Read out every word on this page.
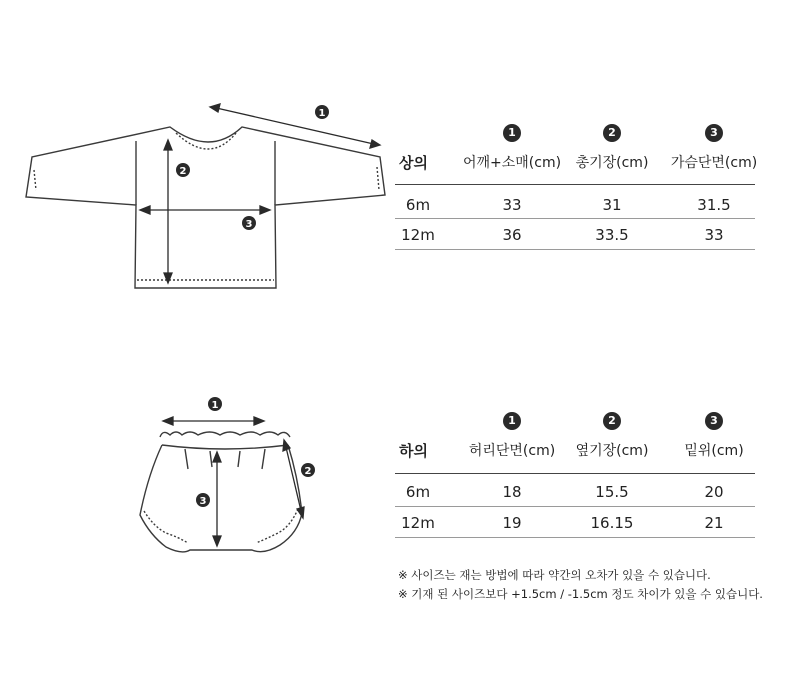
1
2
3
1	2	3
상의	어깨+소매(cm)	총기장(cm)	가슴단면(cm)
6m	33	31	31.5
12m	36	33.5	33
1
2
3
1	2	3
하의	허리단면(cm)	옆기장(cm)	밑위(cm)
6m	18	15.5	20
12m	19	16.15	21
※ 사이즈는 재는 방법에 따라 약간의 오차가 있을 수 있습니다.
※ 기재 된 사이즈보다 +1.5cm / -1.5cm 정도 차이가 있을 수 있습니다.
